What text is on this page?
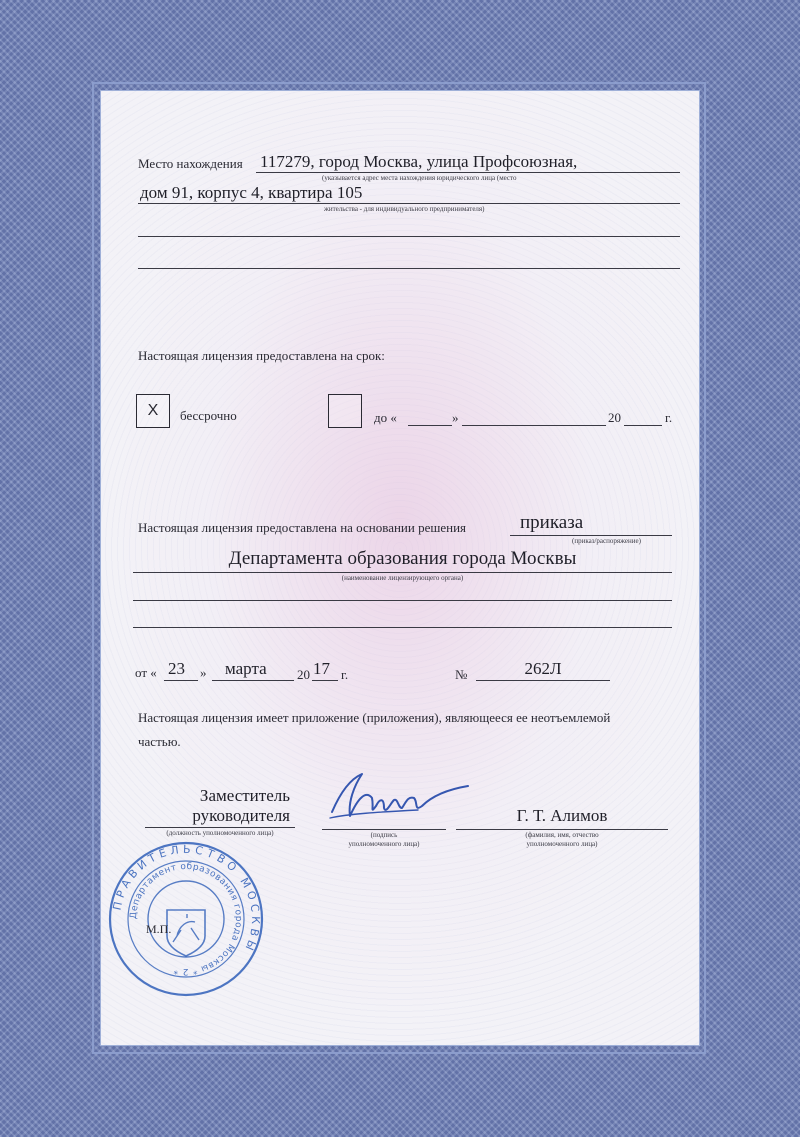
Место нахождения 117279, город Москва, улица Профсоюзная,
(указывается адрес места нахождения юридического лица (место
дом 91, корпус 4, квартира 105
жительства - для индивидуального предпринимателя)
Настоящая лицензия предоставлена на срок:
X бессрочно	до «	»	20	г.
Настоящая лицензия предоставлена на основании решения	приказа
(приказ/распоряжение)
Департамента образования города Москвы
(наименование лицензирующего органа)
от « 23 » марта 20 17 г.	№	262Л
Настоящая лицензия имеет приложение (приложения), являющееся ее неотъемлемой
частью.
Заместитель
руководителя
(должность уполномоченного лица)	(подпись
уполномоченного лица)
Г. Т. Алимов
(фамилия, имя, отчество
уполномоченного лица)
ПРАВИТЕЛЬСТВО МОСКВЫ
Департамент образования города Москвы * 2 *
М.П.
